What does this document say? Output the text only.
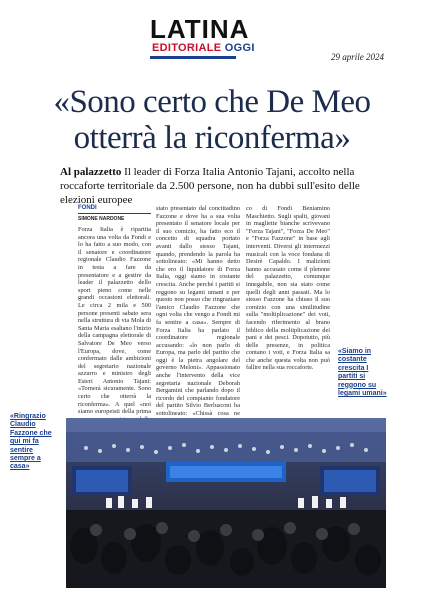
LATINA
EDITORIALE OGGI
29 aprile 2024
«Sono certo che De Meo otterrà la riconferma»
Al palazzetto Il leader di Forza Italia Antonio Tajani, accolto nella roccaforte territoriale da 2.500 persone, non ha dubbi sull'esito delle elezioni europee
FONDI
SIMONE NARDONE

Forza Italia è ripartita ancora una volta da Fondi e lo ha fatto a suo modo, con il senatore e coordinatore regionale Claudio Fazzone in testa a fare da presentatore e a gestire da leader il palazzetto dello sport pieno come nelle grandi occasioni elettorali. Le circa 2 mila e 500 persone presenti sabato sera nella struttura di via Mola di Santa Maria esaltano l'inizio della campagna elettorale di Salvatore De Meo verso l'Europa, dove, come confermato dalle ambizioni del segretario nazionale azzurro e ministro degli Esteri Antonio Tajani: «Tornerà sicuramente. Sono certo che otterrà la riconferma». A quel «noi siamo europeisti della prima

stato presentato dal concittadino Fazzone e dove ha a sua volta presentato il senatore locale per il suo comizio, ha fatto eco il concetto di squadra portato avanti dallo stesso Tajani, quando, prendendo la parola ha sottolineato: «Mi hanno detto che ero il liquidatore di Forza Italia, oggi siamo in costante crescita. Anche perché i partiti si reggono su legami umani e per questo non posso che ringraziare l'amico Claudio Fazzone che ogni volta che vengo a Fondi mi fa sentire a casa». Sempre di Forza Italia ha parlato il coordinatore regionale accusando: «lo non parlo di Europa, ma parlo del partito che oggi è la pietra angolare del governo Meloni». Appassionato anche l'intervento della vice segretaria nazionale Deborah Bergamini che parlando dopo il ricordo del compianto fondatore del partito Silvio Berlusconi ha sottolineato: «Chissà cosa ne

co di Fondi Beniamino Maschietto. Sugli spalti, giovani in magliette bianche scrivevano "Forza Tajani", "Forza De Meo" e "Forza Fazzone" in base agli interventi. Diversi gli intermezzi musicali con la voce fondana di Desirè Capaldo. I malizioni hanno accusato come il plenone del palazzetto, comunque innegabile, non sia stato come quelli degli anni passati. Ma lo stesso Fazzone ha chiuso il suo comizio con una similitudine sulla "moltiplicazione" dei voti, facendo riferimento al brano biblico della moltiplicazione dei pani e dei pesci. Dopotutto, più delle presenze, in politica contano i voti, e Forza Italia sa che anche questa volta non può fallire nella sua roccaforte.

«Siamo in costante crescita I partiti si reggono su legami umani»
«Ringrazio Claudio Fazzone che qui mi fa sentire sempre a casa»
